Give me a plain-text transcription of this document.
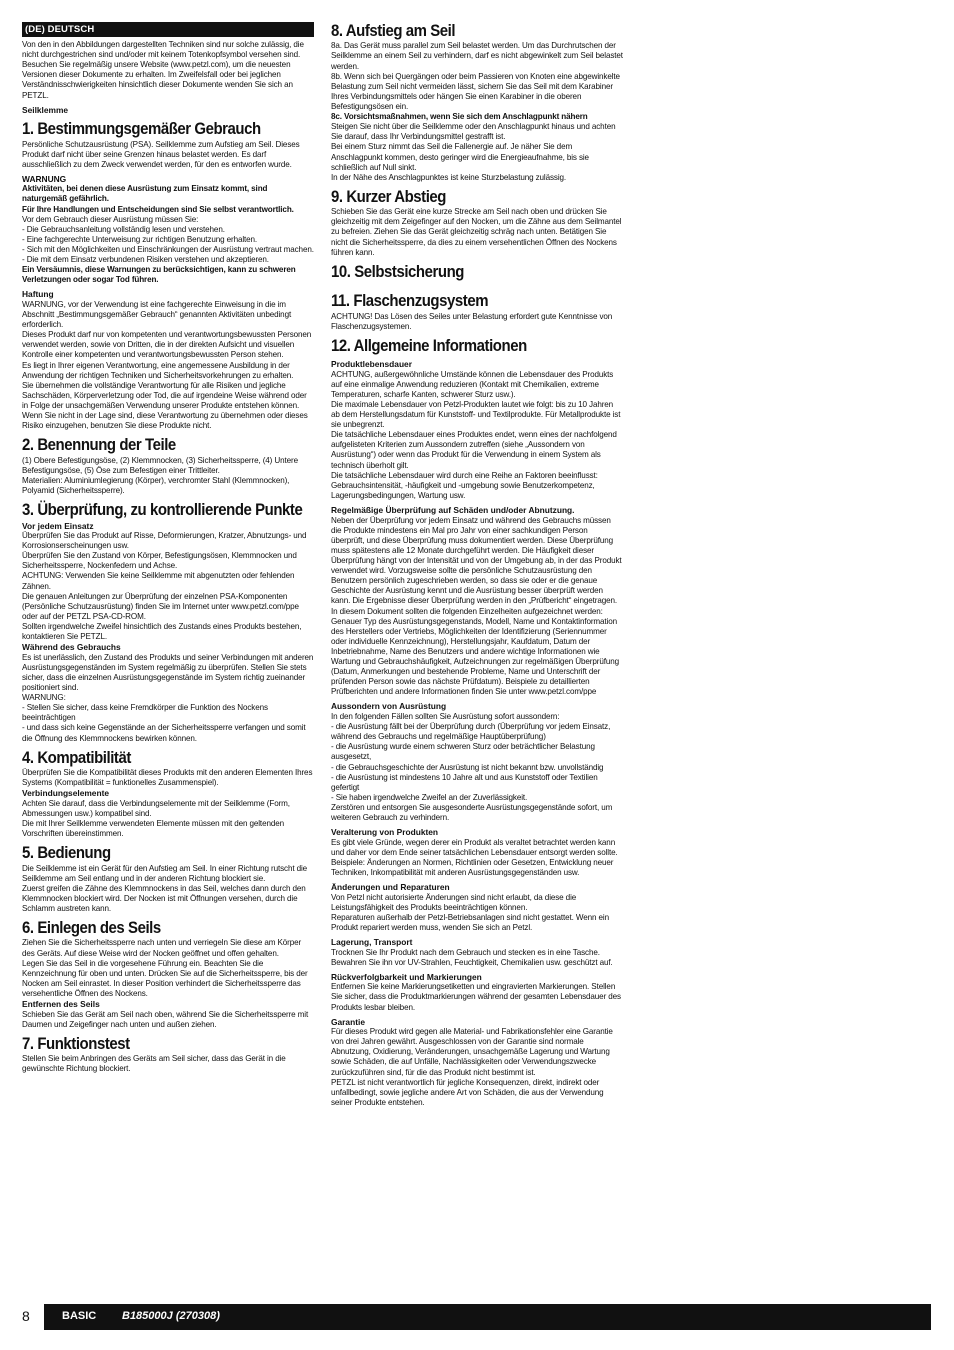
(DE) DEUTSCH

Von den in den Abbildungen dargestellten Techniken sind nur solche zulässig, die nicht durchgestrichen sind und/oder mit keinem Totenkopfsymbol versehen sind. Besuchen Sie regelmäßig unsere Website (www.petzl.com), um die neuesten Versionen dieser Dokumente zu erhalten. Im Zweifelsfall oder bei jeglichen Verständnisschwierigkeiten hinsichtlich dieser Dokumente wenden Sie sich an PETZL.

Seilklemme
1. Bestimmungsgemäßer Gebrauch

Persönliche Schutzausrüstung (PSA). Seilklemme zum Aufstieg am Seil. Dieses Produkt darf nicht über seine Grenzen hinaus belastet werden. Es darf ausschließlich zu dem Zweck verwendet werden, für den es entworfen wurde.

WARNUNG

Aktivitäten, bei denen diese Ausrüstung zum Einsatz kommt, sind naturgemäß gefährlich.

Für Ihre Handlungen und Entscheidungen sind Sie selbst verantwortlich.

Vor dem Gebrauch dieser Ausrüstung müssen Sie:

- Die Gebrauchsanleitung vollständig lesen und verstehen.

- Eine fachgerechte Unterweisung zur richtigen Benutzung erhalten.

- Sich mit den Möglichkeiten und Einschränkungen der Ausrüstung vertraut machen.

- Die mit dem Einsatz verbundenen Risiken verstehen und akzeptieren.

Ein Versäumnis, diese Warnungen zu berücksichtigen, kann zu schweren Verletzungen oder sogar Tod führen.

Haftung

WARNUNG, vor der Verwendung ist eine fachgerechte Einweisung in die im Abschnitt „Bestimmungsgemäßer Gebrauch“ genannten Aktivitäten unbedingt erforderlich.

Dieses Produkt darf nur von kompetenten und verantwortungsbewussten Personen verwendet werden, sowie von Dritten, die in der direkten Aufsicht und visuellen Kontrolle einer kompetenten und verantwortungsbewussten Person stehen.

Es liegt in Ihrer eigenen Verantwortung, eine angemessene Ausbildung in der Anwendung der richtigen Techniken und Sicherheitsvorkehrungen zu erhalten.

Sie übernehmen die vollständige Verantwortung für alle Risiken und jegliche Sachschäden, Körperverletzung oder Tod, die auf irgendeine Weise während oder in Folge der unsachgemäßen Verwendung unserer Produkte entstehen können. Wenn Sie nicht in der Lage sind, diese Verantwortung zu übernehmen oder dieses Risiko einzugehen, benutzen Sie diese Produkte nicht.

2. Benennung der Teile

(1) Obere Befestigungsöse, (2) Klemmnocken, (3) Sicherheitssperre, (4) Untere Befestigungsöse, (5) Öse zum Befestigen einer Trittleiter.

Materialien: Aluminiumlegierung (Körper), verchromter Stahl (Klemmnocken), Polyamid (Sicherheitssperre).

3. Überprüfung, zu kontrollierende Punkte
Vor jedem Einsatz

Überprüfen Sie das Produkt auf Risse, Deformierungen, Kratzer, Abnutzungs- und Korrosionserscheinungen usw.

Überprüfen Sie den Zustand von Körper, Befestigungsösen, Klemmnocken und Sicherheitssperre, Nockenfedern und Achse.

ACHTUNG: Verwenden Sie keine Seilklemme mit abgenutzten oder fehlenden Zähnen.

Die genauen Anleitungen zur Überprüfung der einzelnen PSA-Komponenten (Persönliche Schutzausrüstung) finden Sie im Internet unter www.petzl.com/ppe oder auf der PETZL PSA-CD-ROM.

Sollten irgendwelche Zweifel hinsichtlich des Zustands eines Produkts bestehen, kontaktieren Sie PETZL.

Während des Gebrauchs

Es ist unerlässlich, den Zustand des Produkts und seiner Verbindungen mit anderen Ausrüstungsgegenständen im System regelmäßig zu überprüfen. Stellen Sie stets sicher, dass die einzelnen Ausrüstungsgegenstände im System richtig zueinander positioniert sind.

WARNUNG:

- Stellen Sie sicher, dass keine Fremdkörper die Funktion des Nockens beeinträchtigen

- und dass sich keine Gegenstände an der Sicherheitssperre verfangen und somit die Öffnung des Klemmnockens bewirken können.

4. Kompatibilität

Überprüfen Sie die Kompatibilität dieses Produkts mit den anderen Elementen Ihres Systems (Kompatibilität = funktionelles Zusammenspiel).

Verbindungselemente

Achten Sie darauf, dass die Verbindungselemente mit der Seilklemme (Form, Abmessungen usw.) kompatibel sind.

Die mit Ihrer Seilklemme verwendeten Elemente müssen mit den geltenden Vorschriften übereinstimmen.

5. Bedienung

Die Seilklemme ist ein Gerät für den Aufstieg am Seil. In einer Richtung rutscht die Seilklemme am Seil entlang und in der anderen Richtung blockiert sie.

Zuerst greifen die Zähne des Klemmnockens in das Seil, welches dann durch den Klemmnocken blockiert wird. Der Nocken ist mit Öffnungen versehen, durch die Schlamm austreten kann.

6. Einlegen des Seils

Ziehen Sie die Sicherheitssperre nach unten und verriegeln Sie diese am Körper des Geräts. Auf diese Weise wird der Nocken geöffnet und offen gehalten.

Legen Sie das Seil in die vorgesehene Führung ein. Beachten Sie die Kennzeichnung für oben und unten. Drücken Sie auf die Sicherheitssperre, bis der Nocken am Seil einrastet. In dieser Position verhindert die Sicherheitssperre das versehentliche Öffnen des Nockens.

Entfernen des Seils

Schieben Sie das Gerät am Seil nach oben, während Sie die Sicherheitssperre mit Daumen und Zeigefinger nach unten und außen ziehen.

7. Funktionstest

Stellen Sie beim Anbringen des Geräts am Seil sicher, dass das Gerät in die gewünschte Richtung blockiert.

8. Aufstieg am Seil

8a. Das Gerät muss parallel zum Seil belastet werden. Um das Durchrutschen der Seilklemme an einem Seil zu verhindern, darf es nicht abgewinkelt zum Seil belastet werden.

8b. Wenn sich bei Quergängen oder beim Passieren von Knoten eine abgewinkelte Belastung zum Seil nicht vermeiden lässt, sichern Sie das Seil mit dem Karabiner Ihres Verbindungsmittels oder hängen Sie einen Karabiner in die oberen Befestigungsösen ein.

8c. Vorsichtsmaßnahmen, wenn Sie sich dem Anschlagpunkt nähern

Steigen Sie nicht über die Seilklemme oder den Anschlagpunkt hinaus und achten Sie darauf, dass Ihr Verbindungsmittel gestrafft ist.

Bei einem Sturz nimmt das Seil die Fallenergie auf. Je näher Sie dem Anschlagpunkt kommen, desto geringer wird die Energieaufnahme, bis sie schließlich auf Null sinkt.

In der Nähe des Anschlagpunktes ist keine Sturzbelastung zulässig.

9. Kurzer Abstieg

Schieben Sie das Gerät eine kurze Strecke am Seil nach oben und drücken Sie gleichzeitig mit dem Zeigefinger auf den Nocken, um die Zähne aus dem Seilmantel zu befreien. Ziehen Sie das Gerät gleichzeitig schräg nach unten. Betätigen Sie nicht die Sicherheitssperre, da dies zu einem versehentlichen Öffnen des Nockens führen kann.

10. Selbstsicherung
11. Flaschenzugsystem

ACHTUNG! Das Lösen des Seiles unter Belastung erfordert gute Kenntnisse von Flaschenzugsystemen.

12. Allgemeine Informationen
Produktlebensdauer

ACHTUNG, außergewöhnliche Umstände können die Lebensdauer des Produkts auf eine einmalige Anwendung reduzieren (Kontakt mit Chemikalien, extreme Temperaturen, scharfe Kanten, schwerer Sturz usw.).

Die maximale Lebensdauer von Petzl-Produkten lautet wie folgt: bis zu 10 Jahren ab dem Herstellungsdatum für Kunststoff- und Textilprodukte. Für Metallprodukte ist sie unbegrenzt.

Die tatsächliche Lebensdauer eines Produktes endet, wenn eines der nachfolgend aufgelisteten Kriterien zum Aussondern zutreffen (siehe „Aussondern von Ausrüstung“) oder wenn das Produkt für die Verwendung in einem System als technisch überholt gilt.

Die tatsächliche Lebensdauer wird durch eine Reihe an Faktoren beeinflusst: Gebrauchsintensität, -häufigkeit und -umgebung sowie Benutzerkompetenz, Lagerungsbedingungen, Wartung usw.

Regelmäßige Überprüfung auf Schäden und/oder Abnutzung.

Neben der Überprüfung vor jedem Einsatz und während des Gebrauchs müssen die Produkte mindestens ein Mal pro Jahr von einer sachkundigen Person überprüft, und diese Überprüfung muss dokumentiert werden. Diese Überprüfung muss spätestens alle 12 Monate durchgeführt werden. Die Häufigkeit dieser Überprüfung hängt von der Intensität und von der Umgebung ab, in der das Produkt verwendet wird. Vorzugsweise sollte die persönliche Schutzausrüstung den Benutzern persönlich zugeschrieben werden, so dass sie oder er die genaue Geschichte der Ausrüstung kennt und die Ausrüstung besser überprüft werden kann. Die Ergebnisse dieser Überprüfung werden in den „Prüfbericht“ eingetragen. In diesem Dokument sollten die folgenden Einzelheiten aufgezeichnet werden: Genauer Typ des Ausrüstungsgegenstands, Modell, Name und Kontaktinformation des Herstellers oder Vertriebs, Möglichkeiten der Identifizierung (Seriennummer oder individuelle Kennzeichnung), Herstellungsjahr, Kaufdatum, Datum der Inbetriebnahme, Name des Benutzers und andere wichtige Informationen wie Wartung und Gebrauchshäufigkeit, Aufzeichnungen zur regelmäßigen Überprüfung (Datum, Anmerkungen und bestehende Probleme, Name und Unterschrift der prüfenden Person sowie das nächste Prüfdatum). Beispiele zu detaillierten Prüfberichten und andere Informationen finden Sie unter www.petzl.com/ppe

Aussondern von Ausrüstung

In den folgenden Fällen sollten Sie Ausrüstung sofort aussondern:

- die Ausrüstung fällt bei der Überprüfung durch (Überprüfung vor jedem Einsatz, während des Gebrauchs und regelmäßige Hauptüberprüfung)

- die Ausrüstung wurde einem schweren Sturz oder beträchtlicher Belastung ausgesetzt,

- die Gebrauchsgeschichte der Ausrüstung ist nicht bekannt bzw. unvollständig

- die Ausrüstung ist mindestens 10 Jahre alt und aus Kunststoff oder Textilien gefertigt

- Sie haben irgendwelche Zweifel an der Zuverlässigkeit.

Zerstören und entsorgen Sie ausgesonderte Ausrüstungsgegenstände sofort, um weiteren Gebrauch zu verhindern.

Veralterung von Produkten

Es gibt viele Gründe, wegen derer ein Produkt als veraltet betrachtet werden kann und daher vor dem Ende seiner tatsächlichen Lebensdauer entsorgt werden sollte. Beispiele: Änderungen an Normen, Richtlinien oder Gesetzen, Entwicklung neuer Techniken, Inkompatibilität mit anderen Ausrüstungsgegenständen usw.

Änderungen und Reparaturen

Von Petzl nicht autorisierte Änderungen sind nicht erlaubt, da diese die Leistungsfähigkeit des Produkts beeinträchtigen können.

Reparaturen außerhalb der Petzl-Betriebsanlagen sind nicht gestattet. Wenn ein Produkt repariert werden muss, wenden Sie sich an Petzl.

Lagerung, Transport

Trocknen Sie Ihr Produkt nach dem Gebrauch und stecken es in eine Tasche. Bewahren Sie ihn vor UV-Strahlen, Feuchtigkeit, Chemikalien usw. geschützt auf.

Rückverfolgbarkeit und Markierungen

Entfernen Sie keine Markierungsetiketten und eingravierten Markierungen. Stellen Sie sicher, dass die Produktmarkierungen während der gesamten Lebensdauer des Produkts lesbar bleiben.

Garantie

Für dieses Produkt wird gegen alle Material- und Fabrikationsfehler eine Garantie von drei Jahren gewährt. Ausgeschlossen von der Garantie sind normale Abnutzung, Oxidierung, Veränderungen, unsachgemäße Lagerung und Wartung sowie Schäden, die auf Unfälle, Nachlässigkeiten oder Verwendungszwecke zurückzuführen sind, für die das Produkt nicht bestimmt ist.

PETZL ist nicht verantwortlich für jegliche Konsequenzen, direkt, indirekt oder unfallbedingt, sowie jegliche andere Art von Schäden, die aus der Verwendung seiner Produkte entstehen.

8	BASIC B185000J (270308)
